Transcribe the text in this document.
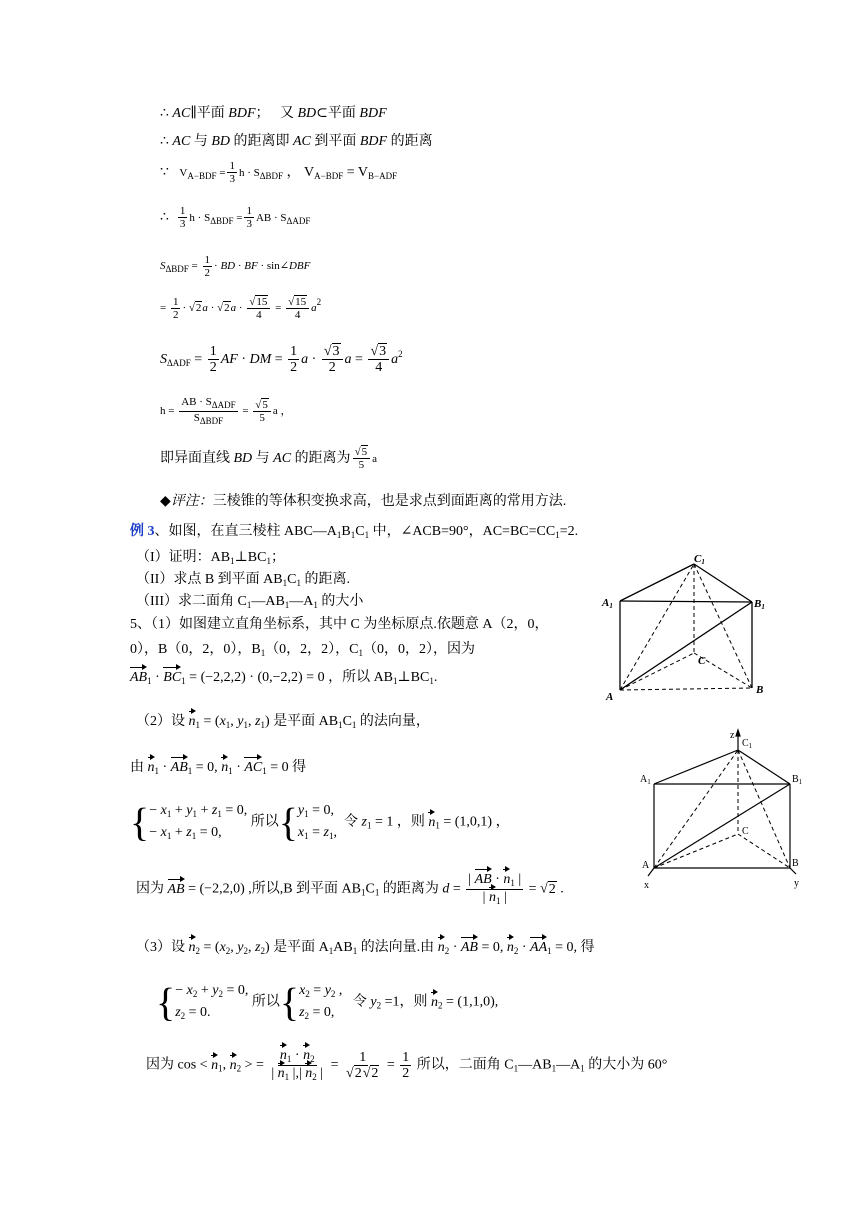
∴ AC∥平面 BDF；   又 BD⊂平面 BDF
∴ AC 与 BD 的距离即 AC 到平面 BDF 的距离
∵   $V_{A-BDF} = \frac{1}{3}$ $h \cdot S_{\Delta BDF}$ ， $V_{A-BDF} = V_{B-ADF}$
∴ $\frac{1}{3}$ $h \cdot S_{\Delta BDF} = \frac{1}{3}$ AB · $S_{\Delta ADF}$
$S_{\Delta BDF} = \frac{1}{2}$ · BD · BF · sin∠DBF
= $\frac{1}{2} \cdot √2a \cdot √2a \cdot \frac{√15}{4} = \frac{√15}{4} a^2$
$S_{\Delta ADF} = \frac{1}{2}$ AF · DM = $\frac{1}{2}$ $a \cdot \frac{√3}{2}$ $a = \frac{√3}{4} a^2$
$h = \frac{AB \cdot S_{\Delta ADF}}{S_{\Delta BDF}} = \frac{√5}{5}$ a ，
即异面直线 BD 与 AC 的距离为 $\frac{√5}{5}$ a
◆评注：三棱锥的等体积变换求高，也是求点到面距离的常用方法.
例 3、如图，在直三棱柱 $ABC—A_1B_1C_1$ 中，∠ACB=90°，$AC=BC=CC_1=2$.
（I）证明：$AB_1\perp BC_1$；
（II）求点 B 到平面 $AB_1C_1$ 的距离.
（III）求二面角 $C_1—AB_1—A_1$ 的大小
5、（1）如图建立直角坐标系，其中 C 为坐标原点.依题意 A（2，0，
0），B（0，2，0），$B_1(0$，2，2），$C_1(0$，0，2），因为
$AB_1 \cdot BC_1 = (-2,2,2) \cdot (0,-2,2) = 0$ ，所以 $AB_1\perp BC_1$.
（2）设 $n_1 = (x_1$, $y_1$, $z_1$) 是平面 $AB_1C_1$ 的法向量，
由 $n_1 \cdot AB_1 = 0$, $n_1 \cdot AC_1 = 0$ 得
{ − $x_1 + y_1 + z_1 = 0$,
− $x_1 + z_1 = 0$,
所以{ $y_1 = 0$,
$x_1 = z_1$,
令 $z_1 = 1$ ，则 $n_1 = (1,0,1)$ ，
因为 AB = (−2,2,0) ,所以,B 到平面 $AB_1C_1$ 的距离为 $d = \frac{| AB \cdot n_1 |}{| n_1 |} = √2$ .
（3）设 $n_2 = (x_2$, $y_2$, $z_2$) 是平面 $A_1AB_1$ 的法向量.由 $n_2$ · AB = 0, $n_2 \cdot AA_1 = 0$, 得
{ − $x_2 + y_2 = 0$,
$z_2 = 0$.
所以{ $x_2 = y_2$ ,
$z_2 = 0$,
令 $y_2 =1$，则 $n_2 = (1,1,0)$,
因为 $\cos < n_1$, $n_2$ > = $\frac{n_1 \cdot n_2}{| n_1 |,| n_2 |} = \frac{1}{√2√2} = \frac{1}{2}$ 所以，二面角 $C_1—AB_1—A_1$ 的大小为 60°
C1
A1	B1
C
A
B
z
$C_1$
$A_1$	$B_1$
C
A	B
x	y
